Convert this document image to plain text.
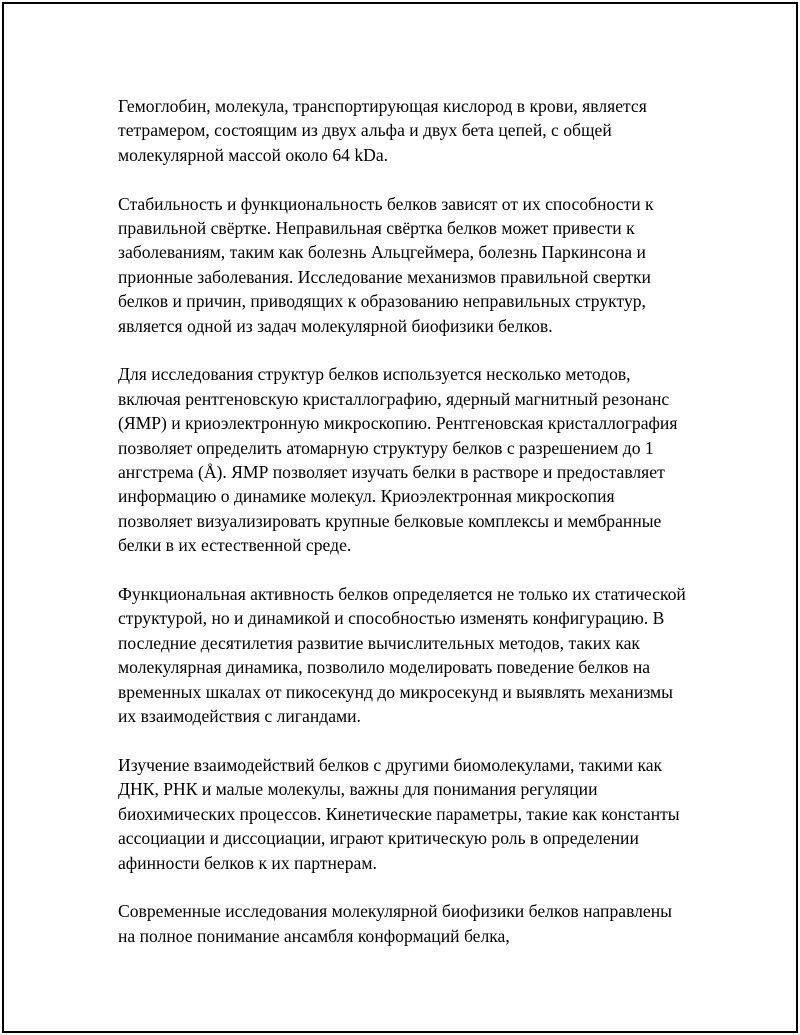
Гемоглобин, молекула, транспортирующая кислород в крови, является тетрамером, состоящим из двух альфа и двух бета цепей, с общей молекулярной массой около 64 kDa.

Стабильность и функциональность белков зависят от их способности к правильной свёртке. Неправильная свёртка белков может привести к заболеваниям, таким как болезнь Альцгеймера, болезнь Паркинсона и прионные заболевания. Исследование механизмов правильной свертки белков и причин, приводящих к образованию неправильных структур, является одной из задач молекулярной биофизики белков.

Для исследования структур белков используется несколько методов, включая рентгеновскую кристаллографию, ядерный магнитный резонанс (ЯМР) и криоэлектронную микроскопию. Рентгеновская кристаллография позволяет определить атомарную структуру белков с разрешением до 1 ангстрема (Å). ЯМР позволяет изучать белки в растворе и предоставляет информацию о динамике молекул. Криоэлектронная микроскопия позволяет визуализировать крупные белковые комплексы и мембранные белки в их естественной среде.

Функциональная активность белков определяется не только их статической структурой, но и динамикой и способностью изменять конфигурацию. В последние десятилетия развитие вычислительных методов, таких как молекулярная динамика, позволило моделировать поведение белков на временных шкалах от пикосекунд до микросекунд и выявлять механизмы их взаимодействия с лигандами.

Изучение взаимодействий белков с другими биомолекулами, такими как ДНК, РНК и малые молекулы, важны для понимания регуляции биохимических процессов. Кинетические параметры, такие как константы ассоциации и диссоциации, играют критическую роль в определении афинности белков к их партнерам.

Современные исследования молекулярной биофизики белков направлены на полное понимание ансамбля конформаций белка,
